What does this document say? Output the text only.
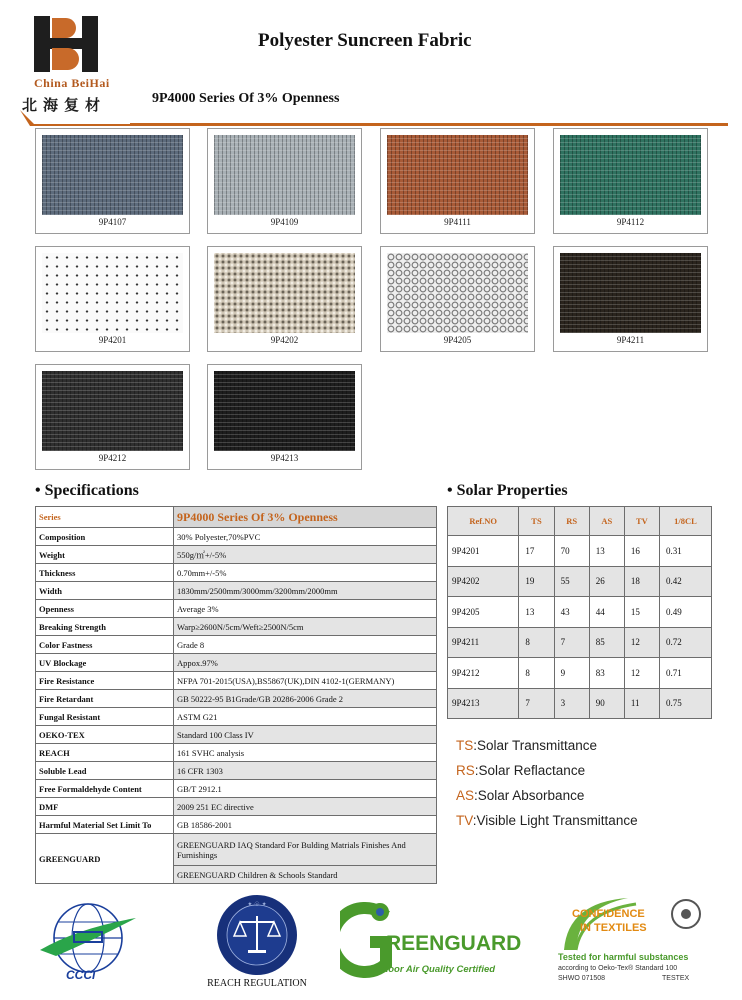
China BeiHai
北海复材
Polyester Suncreen Fabric
9P4000 Series Of 3% Openness
9P4107	9P4109	9P4111	9P4112
9P4201	9P4202	9P4205	9P4211
9P4212	9P4213
• Specifications
Series	9P4000 Series Of 3% Openness
Composition	30% Polyester,70%PVC
Weight	550g/㎡+/-5%
Thickness	0.70mm+/-5%
Width	1830mm/2500mm/3000mm/3200mm/2000mm
Openness	Average 3%
Breaking Strength	Warp≥2600N/5cm/Weft≥2500N/5cm
Color Fastness	Grade 8
UV Blockage	Appox.97%
Fire Resistance	NFPA 701-2015(USA),BS5867(UK),DIN 4102-1(GERMANY)
Fire Retardant	GB 50222-95 B1Grade/GB 20286-2006 Grade 2
Fungal Resistant	ASTM G21
OEKO-TEX	Standard 100 Class IV
REACH	161 SVHC analysis
Soluble Lead	16 CFR 1303
Free Formaldehyde Content	GB/T 2912.1
DMF	2009 251 EC directive
Harmful Material Set Limit To	GB 18586-2001
GREENGUARD	GREENGUARD IAQ Standard For Bulding Matrials Finishes And Furnishings
	GREENGUARD Children & Schools Standard
• Solar Properties
Ref.NO	TS	RS	AS	TV	1/8CL
9P4201	17	70	13	16	0.31
9P4202	19	55	26	18	0.42
9P4205	13	43	44	15	0.49
9P4211	8	7	85	12	0.72
9P4212	8	9	83	12	0.71
9P4213	7	3	90	11	0.75
TS:Solar Transmittance
RS:Solar Reflactance
AS:Solar Absorbance
TV:Visible Light Transmittance
CCCI
✦ ☉ ✦
REACH REGULATION
REENGUARD
Indoor Air Quality Certified
CONFIDENCE
IN TEXTILES
Tested for harmful substances
according to Oeko-Tex® Standard 100
SHWO 071508	TESTEX
